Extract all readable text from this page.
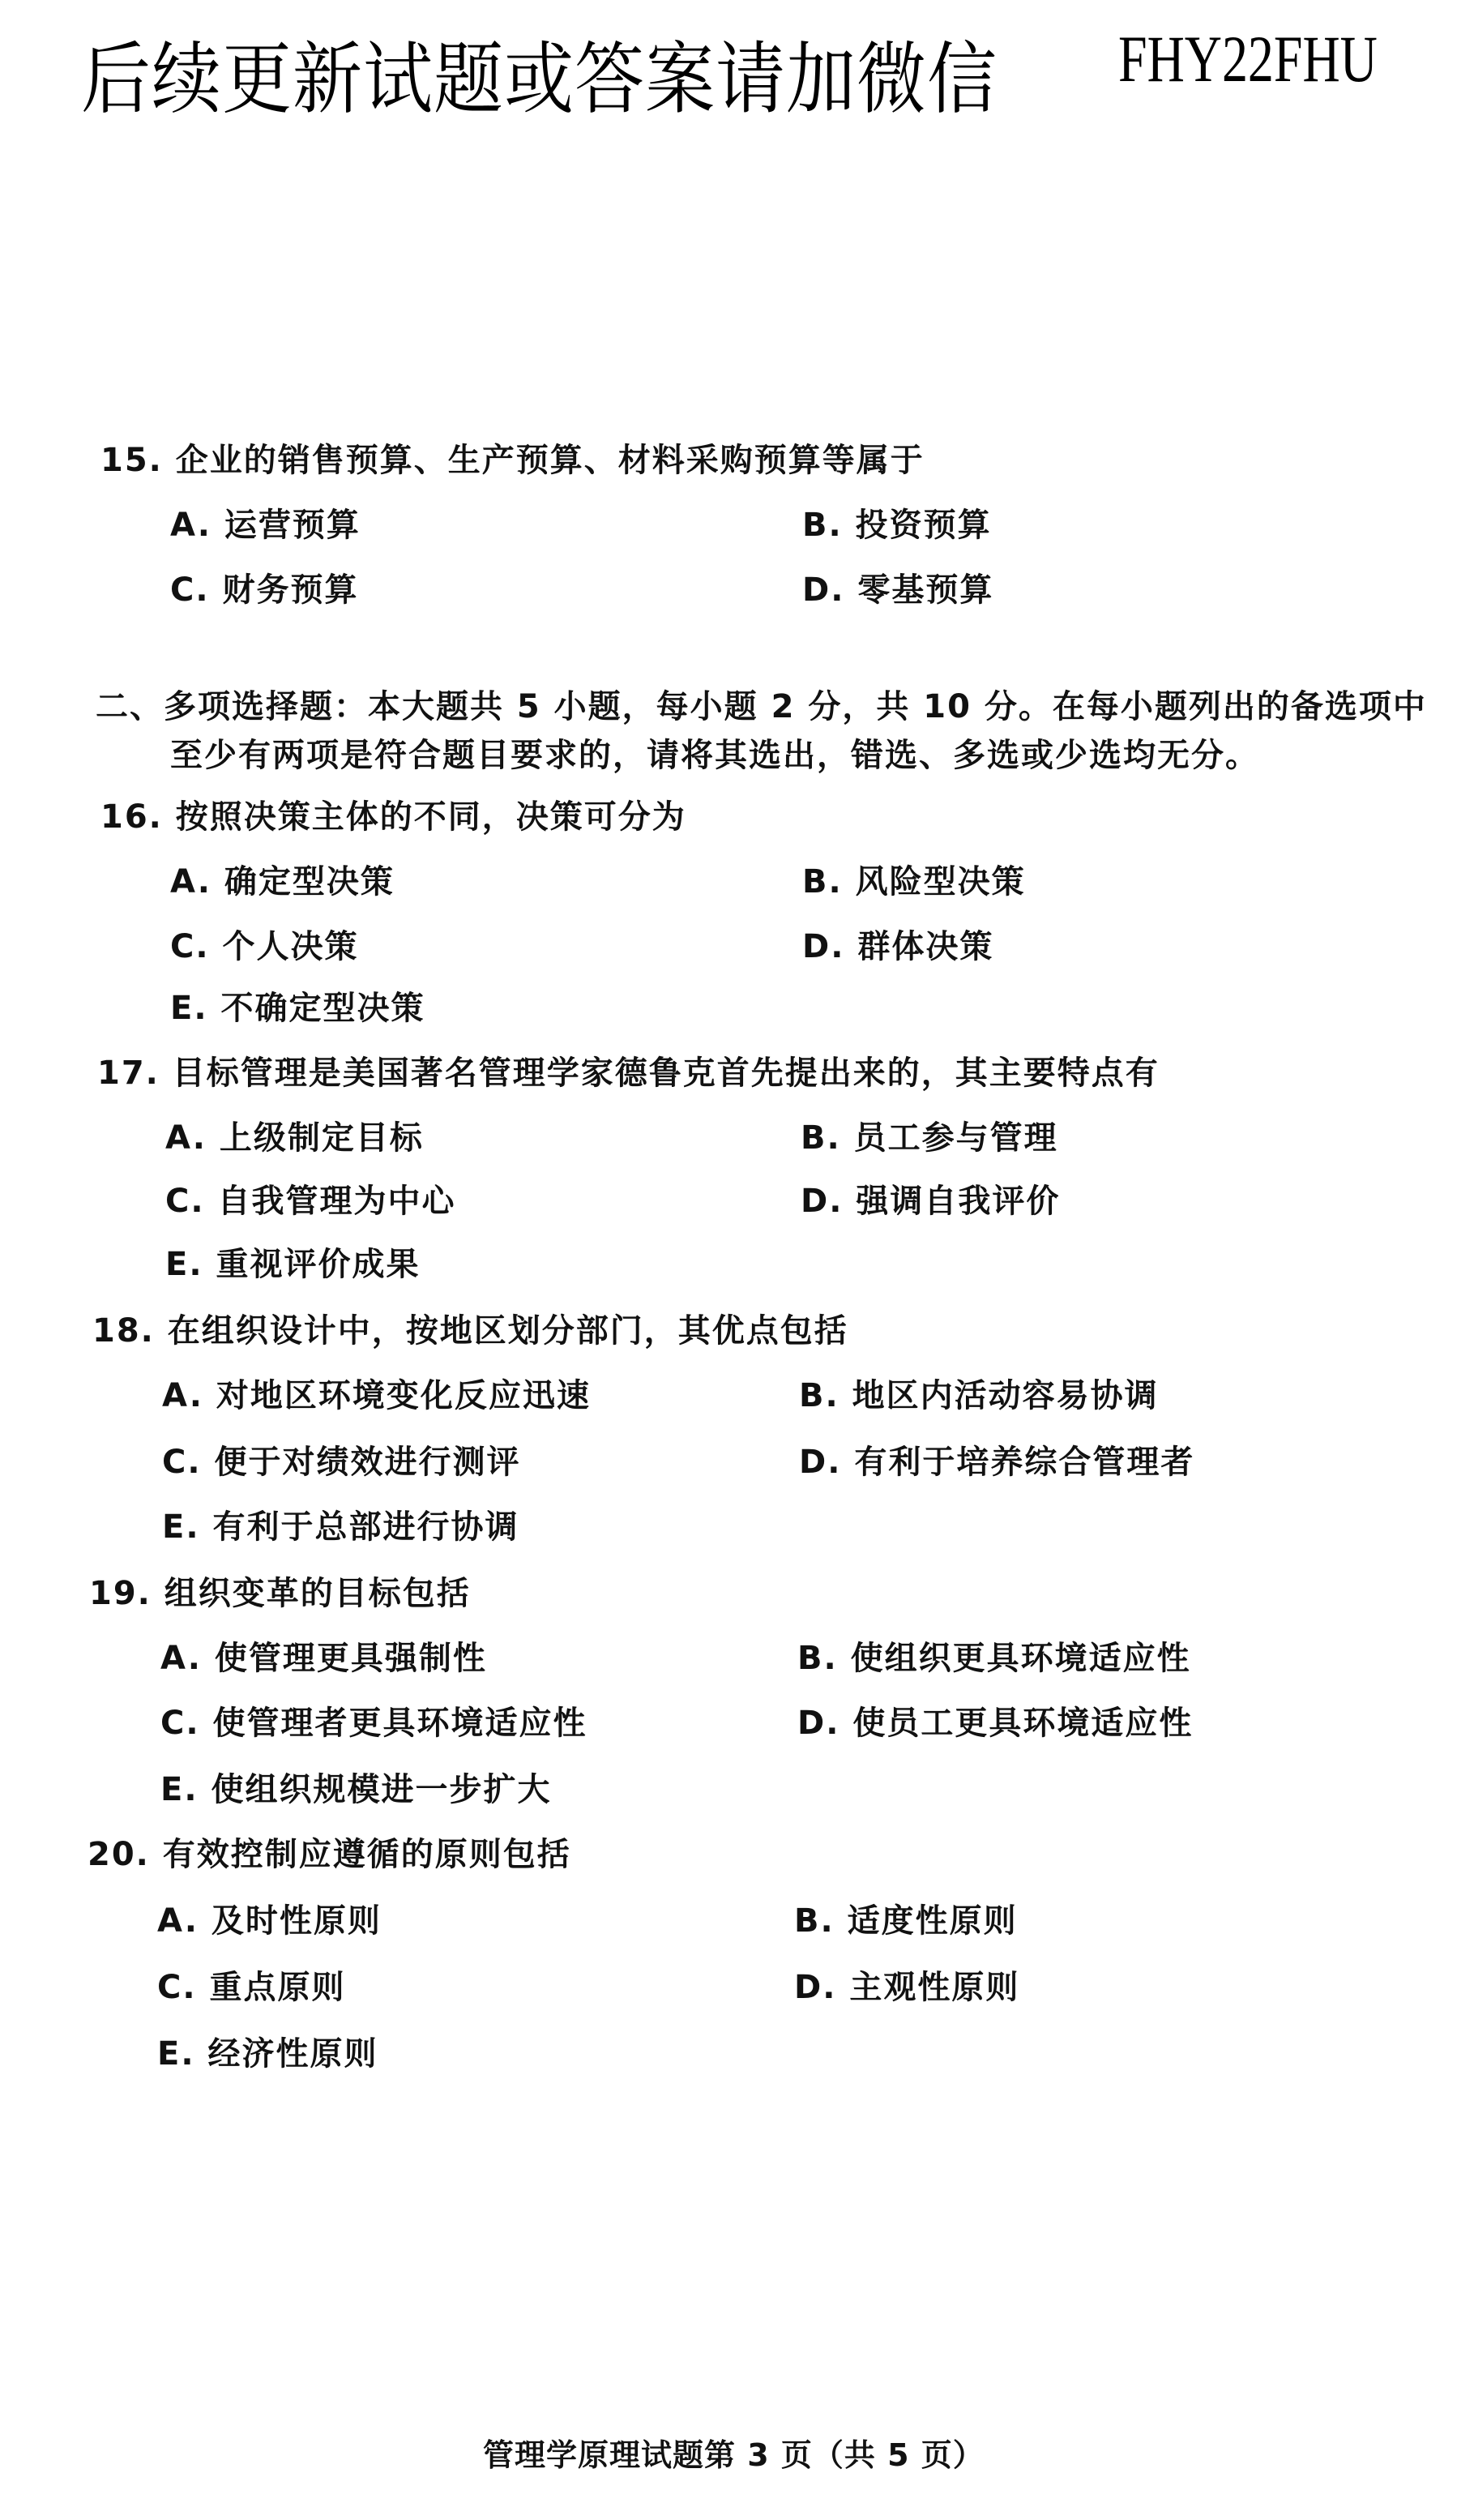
后续更新试题或答案请加微信 FHY22FHU
15. 企业的销售预算、生产预算、材料采购预算等属于
A. 运营预算	B. 投资预算
C. 财务预算	D. 零基预算
二、多项选择题：本大题共 5 小题，每小题 2 分，共 10 分。在每小题列出的备选项中
至少有两项是符合题目要求的，请将其选出，错选、多选或少选均无分。
16. 按照决策主体的不同，决策可分为
A. 确定型决策	B. 风险型决策
C. 个人决策	D. 群体决策
E. 不确定型决策
17. 目标管理是美国著名管理学家德鲁克首先提出来的，其主要特点有
A. 上级制定目标	B. 员工参与管理
C. 自我管理为中心	D. 强调自我评价
E. 重视评价成果
18. 在组织设计中，按地区划分部门，其优点包括
A. 对地区环境变化反应迅速	B. 地区内活动容易协调
C. 便于对绩效进行测评	D. 有利于培养综合管理者
E. 有利于总部进行协调
19. 组织变革的目标包括
A. 使管理更具强制性	B. 使组织更具环境适应性
C. 使管理者更具环境适应性	D. 使员工更具环境适应性
E. 使组织规模进一步扩大
20. 有效控制应遵循的原则包括
A. 及时性原则	B. 适度性原则
C. 重点原则	D. 主观性原则
E. 经济性原则
管理学原理试题第 3 页（共 5 页）
